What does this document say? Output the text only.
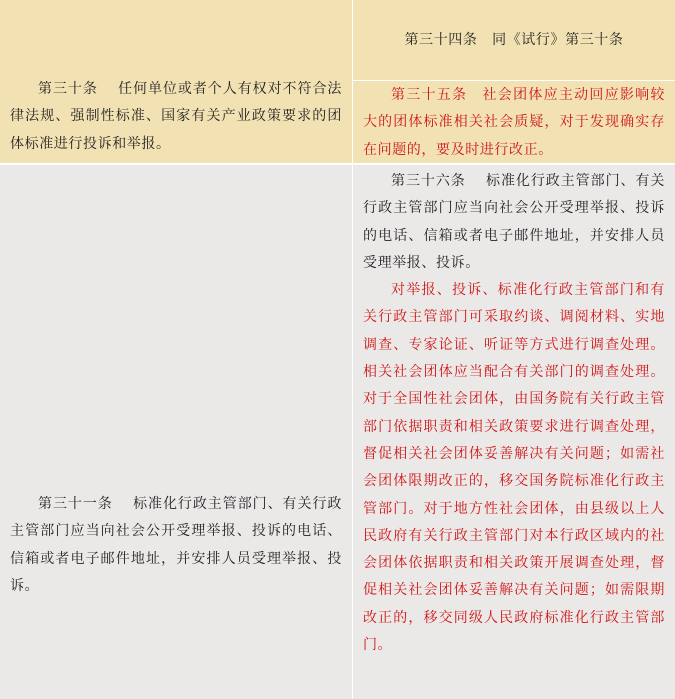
第三十条　 任何单位或者个人有权对不符合法律法规、强制性标准、国家有关产业政策要求的团体标准进行投诉和举报。

第三十四条　同《试行》第三十条

第三十五条　社会团体应主动回应影响较大的团体标准相关社会质疑，对于发现确实存在问题的，要及时进行改正。

第三十一条　 标准化行政主管部门、有关行政主管部门应当向社会公开受理举报、投诉的电话、信箱或者电子邮件地址，并安排人员受理举报、投诉。

第三十六条　 标准化行政主管部门、有关行政主管部门应当向社会公开受理举报、投诉的电话、信箱或者电子邮件地址，并安排人员受理举报、投诉。

对举报、投诉、标准化行政主管部门和有关行政主管部门可采取约谈、调阅材料、实地调查、专家论证、听证等方式进行调查处理。相关社会团体应当配合有关部门的调查处理。对于全国性社会团体，由国务院有关行政主管部门依据职责和相关政策要求进行调查处理，督促相关社会团体妥善解决有关问题；如需社会团体限期改正的，移交国务院标准化行政主管部门。对于地方性社会团体，由县级以上人民政府有关行政主管部门对本行政区域内的社会团体依据职责和相关政策开展调查处理，督促相关社会团体妥善解决有关问题；如需限期改正的，移交同级人民政府标准化行政主管部门。
